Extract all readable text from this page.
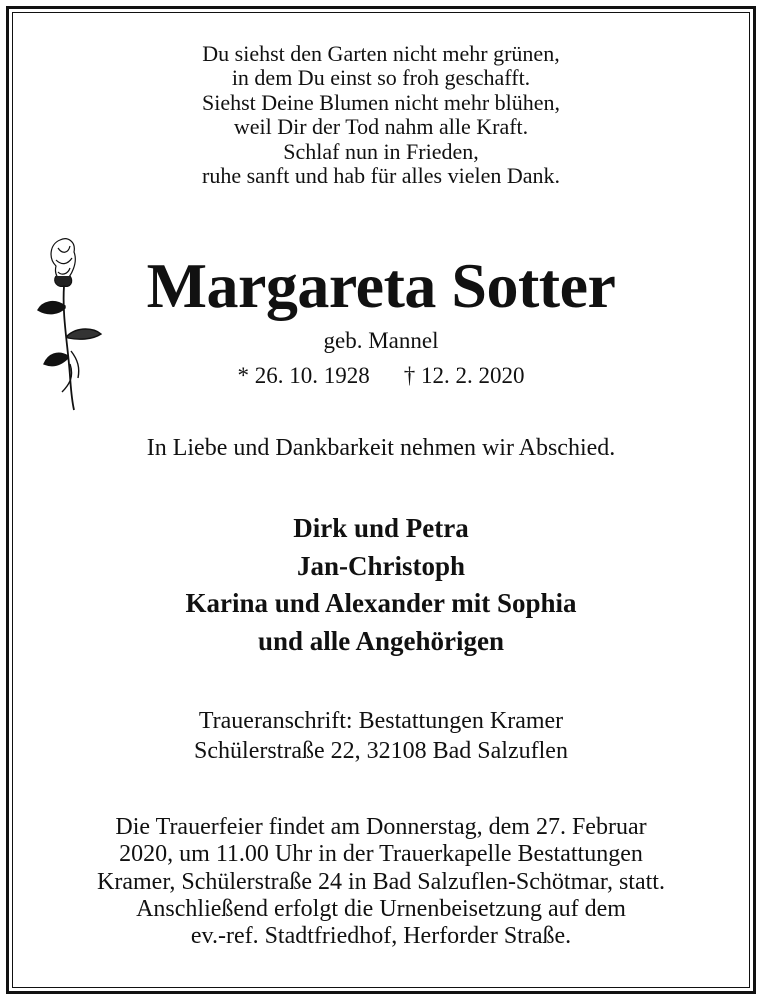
Du siehst den Garten nicht mehr grünen,
in dem Du einst so froh geschafft.
Siehst Deine Blumen nicht mehr blühen,
weil Dir der Tod nahm alle Kraft.
Schlaf nun in Frieden,
ruhe sanft und hab für alles vielen Dank.
Margareta Sotter
geb. Mannel
* 26. 10. 1928 † 12. 2. 2020
In Liebe und Dankbarkeit nehmen wir Abschied.
Dirk und Petra
Jan-Christoph
Karina und Alexander mit Sophia
und alle Angehörigen
Traueranschrift: Bestattungen Kramer
Schülerstraße 22, 32108 Bad Salzuflen
Die Trauerfeier findet am Donnerstag, dem 27. Februar
2020, um 11.00 Uhr in der Trauerkapelle Bestattungen
Kramer, Schülerstraße 24 in Bad Salzuflen-Schötmar, statt.
Anschließend erfolgt die Urnenbeisetzung auf dem
ev.-ref. Stadtfriedhof, Herforder Straße.
